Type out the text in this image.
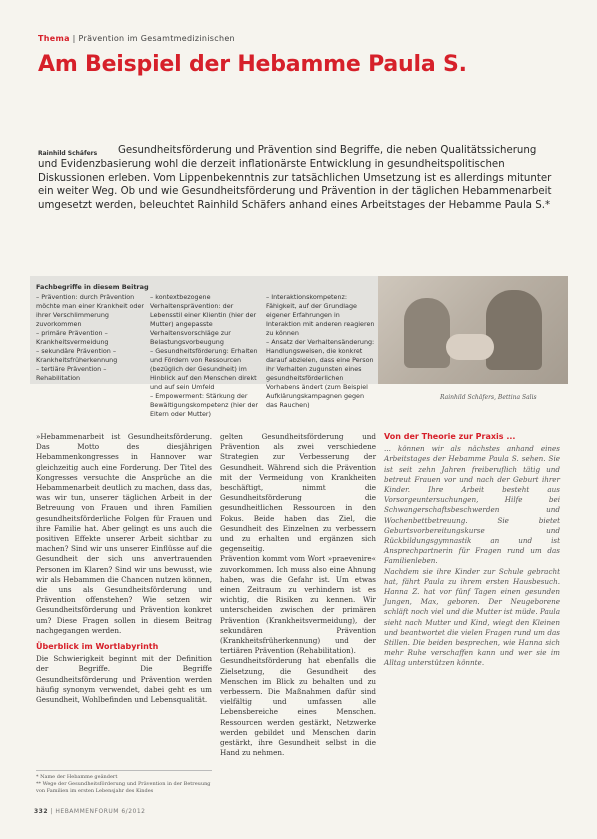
Thema | Prävention im Gesamtmedizinischen
Am Beispiel der Hebamme Paula S.
Rainhild Schäfers	Gesundheitsförderung und Prävention sind Begriffe, die neben Qualitätssicherung und Evidenzbasierung wohl die derzeit inflationärste Entwicklung in gesundheitspolitischen Diskussionen erleben. Vom Lippenbekenntnis zur tatsächlichen Umsetzung ist es allerdings mitunter ein weiter Weg. Ob und wie Gesundheitsförderung und Prävention in der täglichen Hebammenarbeit umgesetzt werden, beleuchtet Rainhild Schäfers anhand eines Arbeitstages der Hebamme Paula S.*
Fachbegriffe in diesem Beitrag
– Prävention: durch Prävention möchte man einer Krankheit oder ihrer Verschlimmerung zuvorkommen
– primäre Prävention – Krankheitsvermeidung
– sekundäre Prävention – Krankheitsfrüherkennung
– tertiäre Prävention – Rehabilitation
– kontextbezogene Verhaltensprävention: der Lebensstil einer Klientin (hier der Mutter) angepasste Verhaltensvorschläge zur Belastungsvorbeugung
– Gesundheitsförderung: Erhalten und Fördern von Ressourcen (bezüglich der Gesundheit) im Hinblick auf den Menschen direkt und auf sein Umfeld
– Empowerment: Stärkung der Bewältigungskompetenz (hier der Eltern oder Mutter)
– Interaktionskompetenz: Fähigkeit, auf der Grundlage eigener Erfahrungen in Interaktion mit anderen reagieren zu können
– Ansatz der Verhaltensänderung: Handlungsweisen, die konkret darauf abzielen, dass eine Person ihr Verhalten zugunsten eines gesundheitsförderlichen Vorhabens ändert (zum Beispiel Aufklärungskampagnen gegen das Rauchen)
Rainhild Schäfers, Bettina Salis

»Hebammenarbeit ist Gesundheitsförderung. Das Motto des diesjährigen Hebammenkongresses in Hannover war gleichzeitig auch eine Forderung. Der Titel des Kongresses versuchte die Ansprüche an die Hebammenarbeit deutlich zu machen, dass das, was wir tun, unserer täglichen Arbeit in der Betreuung von Frauen und ihren Familien gesundheitsförderliche Folgen für Frauen und ihre Familie hat. Aber gelingt es uns auch die positiven Effekte unserer Arbeit sichtbar zu machen? Sind wir uns unserer Einflüsse auf die Gesundheit der sich uns anvertrauenden Personen im Klaren? Sind wir uns bewusst, wie wir als Hebammen die Chancen nutzen können, die uns als Gesundheitsförderung und Prävention offenstehen? Wie setzen wir Gesundheitsförderung und Prävention konkret um? Diese Fragen sollen in diesem Beitrag nachgegangen werden.

Überblick im Wortlabyrinth

Die Schwierigkeit beginnt mit der Definition der Begriffe. Die Begriffe Gesundheitsförderung und Prävention werden häufig synonym verwendet, dabei geht es um Gesundheit, Wohlbefinden und Lebensqualität.

gelten Gesundheitsförderung und Prävention als zwei verschiedene Strategien zur Verbesserung der Gesundheit. Während sich die Prävention mit der Vermeidung von Krankheiten beschäftigt, nimmt die Gesundheitsförderung die gesundheitlichen Ressourcen in den Fokus. Beide haben das Ziel, die Gesundheit des Einzelnen zu verbessern und zu erhalten und ergänzen sich gegenseitig.

Prävention kommt vom Wort »praevenire« zuvorkommen. Ich muss also eine Ahnung haben, was die Gefahr ist. Um etwas einen Zeitraum zu verhindern ist es wichtig, die Risiken zu kennen. Wir unterscheiden zwischen der primären Prävention (Krankheitsvermeidung), der sekundären Prävention (Krankheitsfrüherkennung) und der tertiären Prävention (Rehabilitation).

Gesundheitsförderung hat ebenfalls die Zielsetzung, die Gesundheit des Menschen im Blick zu behalten und zu verbessern. Die Maßnahmen dafür sind vielfältig und umfassen alle Lebensbereiche eines Menschen. Ressourcen werden gestärkt, Netzwerke werden gebildet und Menschen darin gestärkt, ihre Gesundheit selbst in die Hand zu nehmen.

Von der Theorie zur Praxis ...

... können wir als nächstes anhand eines Arbeitstages der Hebamme Paula S. sehen. Sie ist seit zehn Jahren freiberuflich tätig und betreut Frauen vor und nach der Geburt ihrer Kinder. Ihre Arbeit besteht aus Vorsorgeuntersuchungen, Hilfe bei Schwangerschaftsbeschwerden und Wochenbettbetreuung. Sie bietet Geburtsvorbereitungskurse und Rückbildungsgymnastik an und ist Ansprechpartnerin für Fragen rund um das Familienleben.

Nachdem sie ihre Kinder zur Schule gebracht hat, fährt Paula zu ihrem ersten Hausbesuch. Hanna Z. hat vor fünf Tagen einen gesunden Jungen, Max, geboren. Der Neugeborene schläft noch viel und die Mutter ist müde. Paula sieht nach Mutter und Kind, wiegt den Kleinen und beantwortet die vielen Fragen rund um das Stillen. Die beiden besprechen, wie Hanna sich mehr Ruhe verschaffen kann und wer sie im Alltag unterstützen könnte.

* Name der Hebamme geändert
** Wege der Gesundheitsförderung und Prävention in der Betreuung von Familien im ersten Lebensjahr des Kindes
332 | HEBAMMENFORUM 6/2012
